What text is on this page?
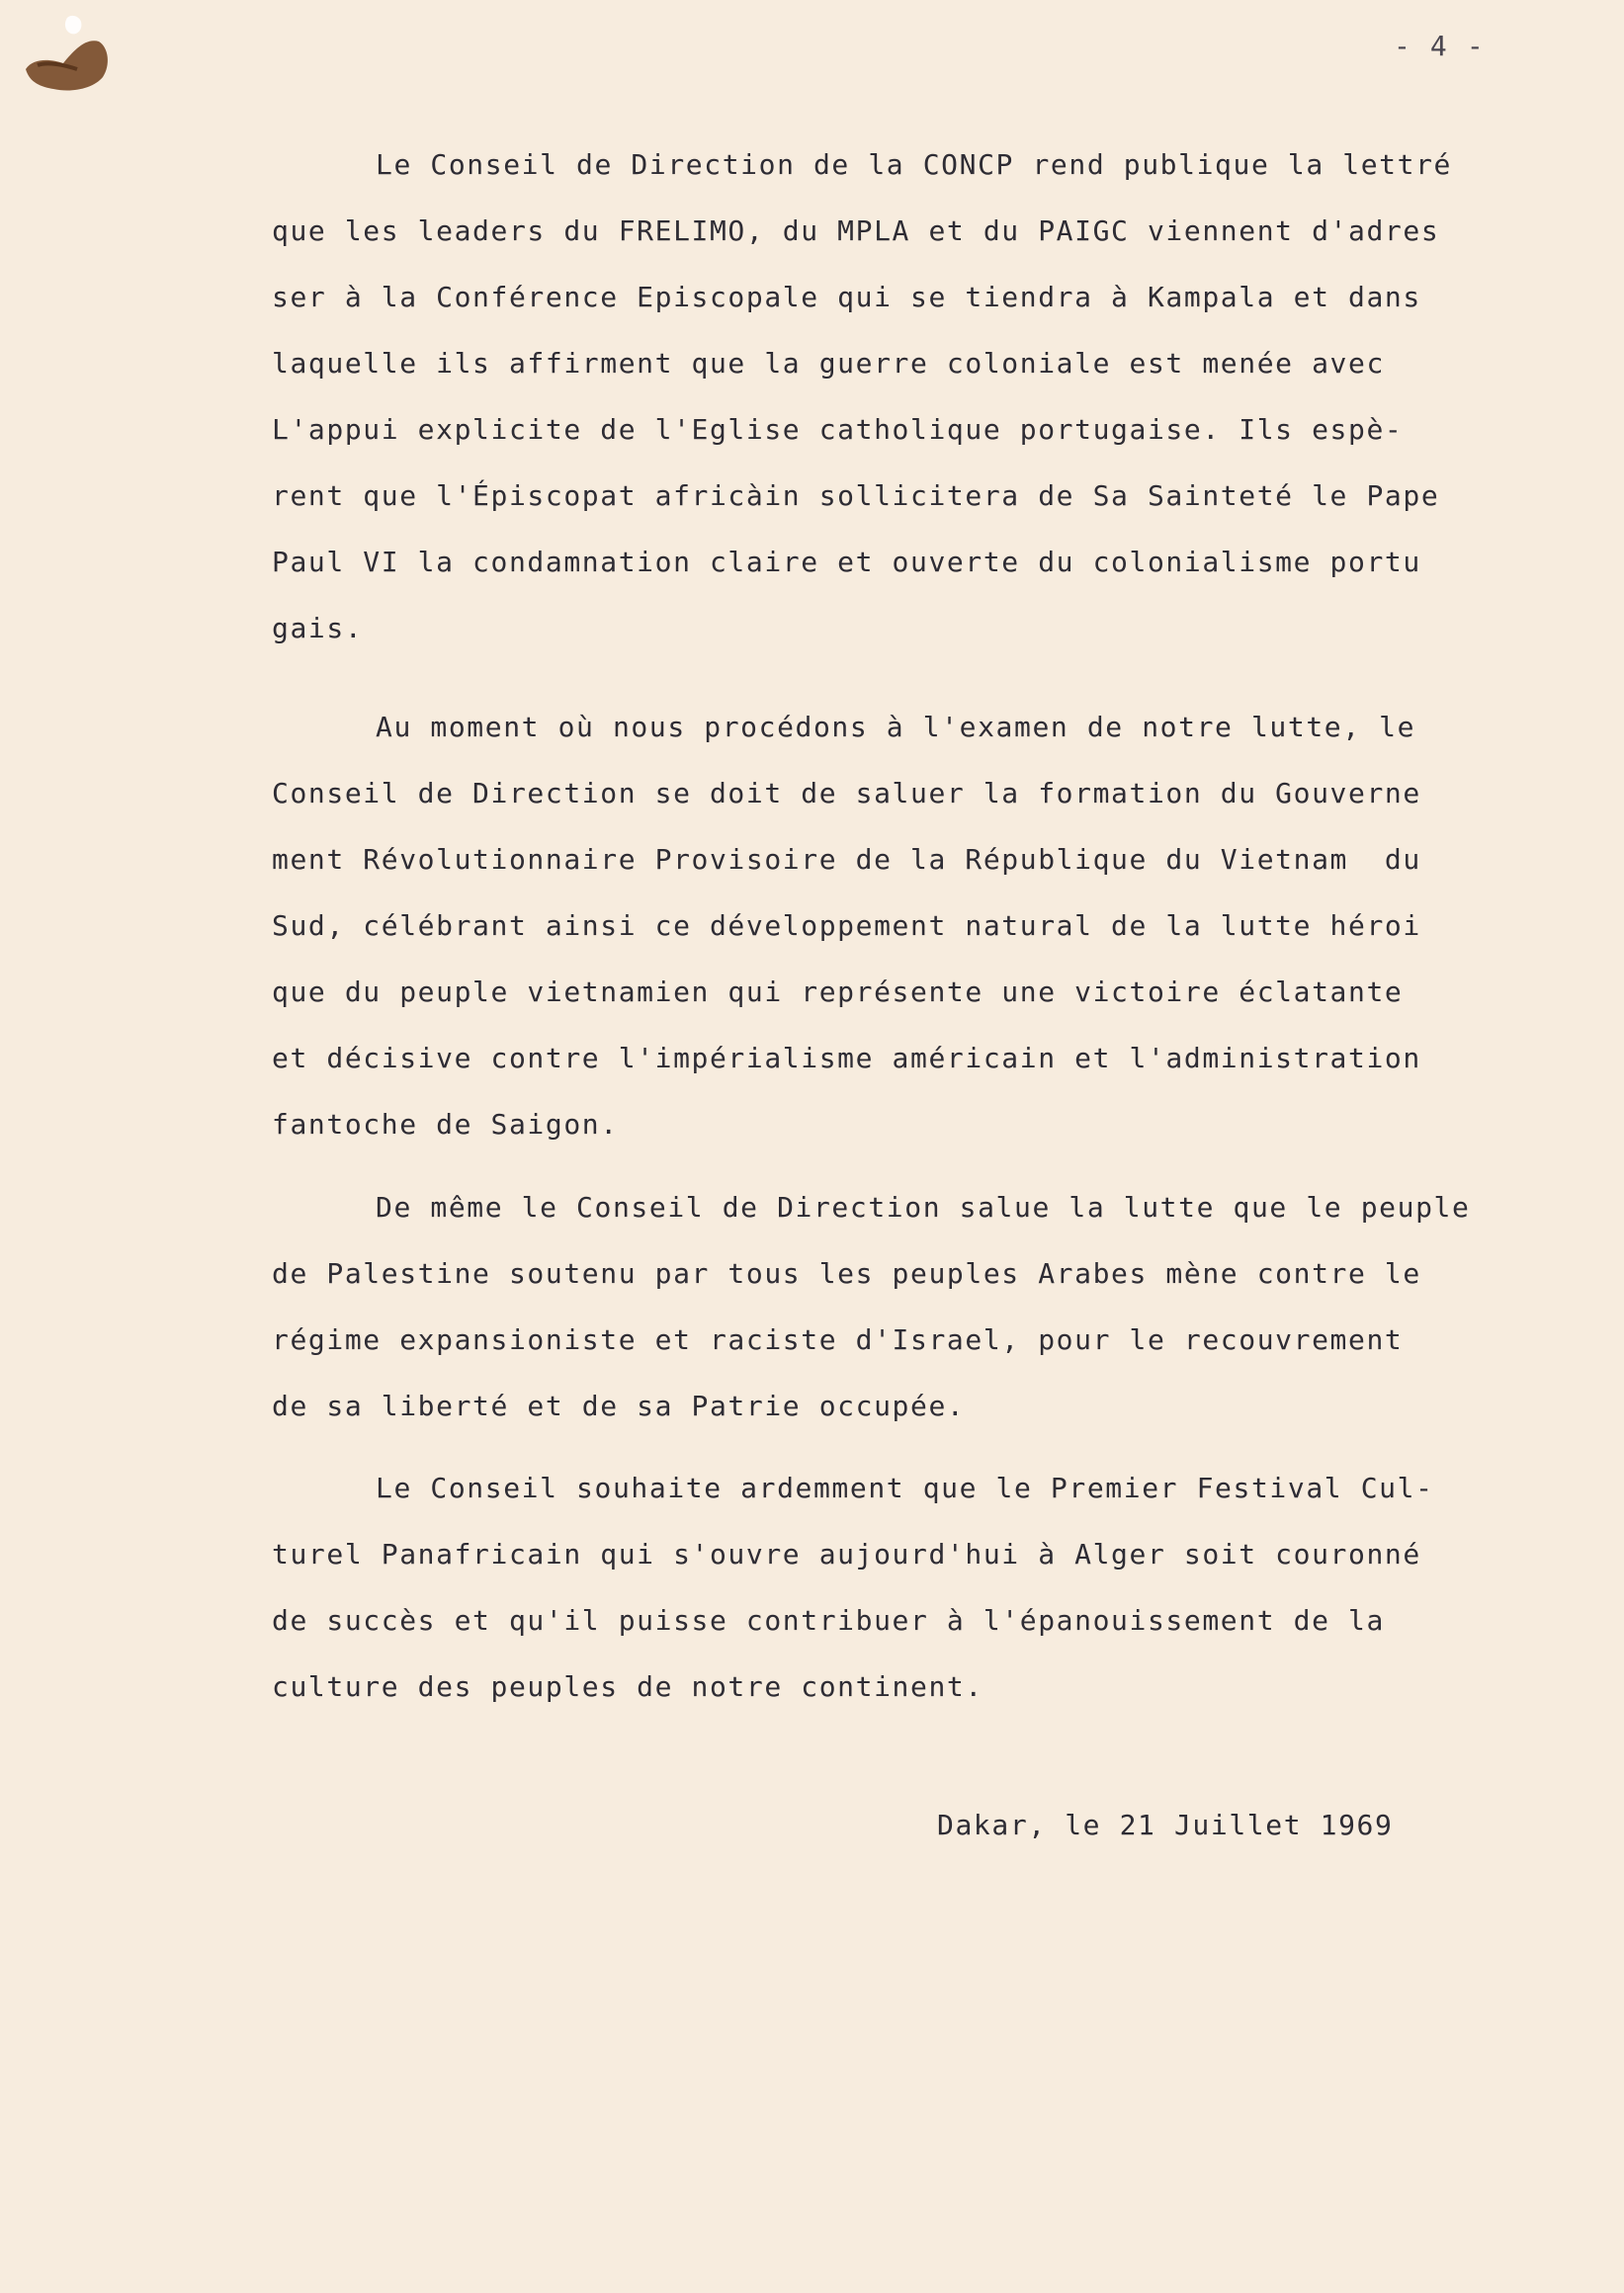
- 4 -
Le Conseil de Direction de la CONCP rend publique la lettré
que les leaders du FRELIMO, du MPLA et du PAIGC viennent d'adres
ser à la Conférence Episcopale qui se tiendra à Kampala et dans
laquelle ils affirment que la guerre coloniale est menée avec
L'appui explicite de l'Eglise catholique portugaise. Ils espè-
rent que l'Épiscopat africàin sollicitera de Sa Sainteté le Pape
Paul VI la condamnation claire et ouverte du colonialisme portu
gais.
Au moment où nous procédons à l'examen de notre lutte, le
Conseil de Direction se doit de saluer la formation du Gouverne
ment Révolutionnaire Provisoire de la République du Vietnam  du
Sud, célébrant ainsi ce développement natural de la lutte héroi
que du peuple vietnamien qui représente une victoire éclatante
et décisive contre l'impérialisme américain et l'administration
fantoche de Saigon.
De même le Conseil de Direction salue la lutte que le peuple
de Palestine soutenu par tous les peuples Arabes mène contre le
régime expansioniste et raciste d'Israel, pour le recouvrement
de sa liberté et de sa Patrie occupée.
Le Conseil souhaite ardemment que le Premier Festival Cul-
turel Panafricain qui s'ouvre aujourd'hui à Alger soit couronné
de succès et qu'il puisse contribuer à l'épanouissement de la
culture des peuples de notre continent.
Dakar, le 21 Juillet 1969
